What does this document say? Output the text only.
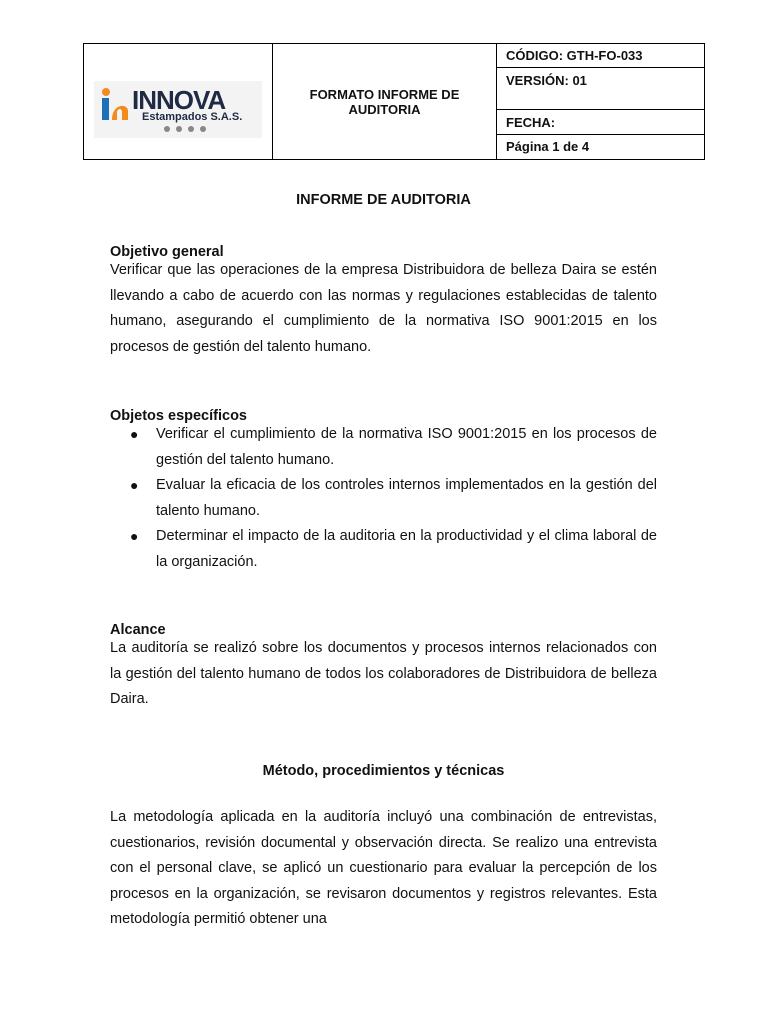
INNOVA
Estampados S.A.S.
FORMATO INFORME DE AUDITORIA
CÓDIGO: GTH-FO-033
VERSIÓN: 01
FECHA:
Página 1 de 4
INFORME DE AUDITORIA
Objetivo general
Verificar que las operaciones de la empresa Distribuidora de belleza Daira se estén llevando a cabo de acuerdo con las normas y regulaciones establecidas de talento humano, asegurando el cumplimiento de la normativa ISO 9001:2015 en los procesos de gestión del talento humano.
Objetos específicos
● Verificar el cumplimiento de la normativa ISO 9001:2015 en los procesos de gestión del talento humano.
● Evaluar la eficacia de los controles internos implementados en la gestión del talento humano.
● Determinar el impacto de la auditoria en la productividad y el clima laboral de la organización.
Alcance
La auditoría se realizó sobre los documentos y procesos internos relacionados con la gestión del talento humano de todos los colaboradores de Distribuidora de belleza Daira.
Método, procedimientos y técnicas
La metodología aplicada en la auditoría incluyó una combinación de entrevistas, cuestionarios, revisión documental y observación directa. Se realizo una entrevista con el personal clave, se aplicó un cuestionario para evaluar la percepción de los procesos en la organización, se revisaron documentos y registros relevantes. Esta metodología permitió obtener una
